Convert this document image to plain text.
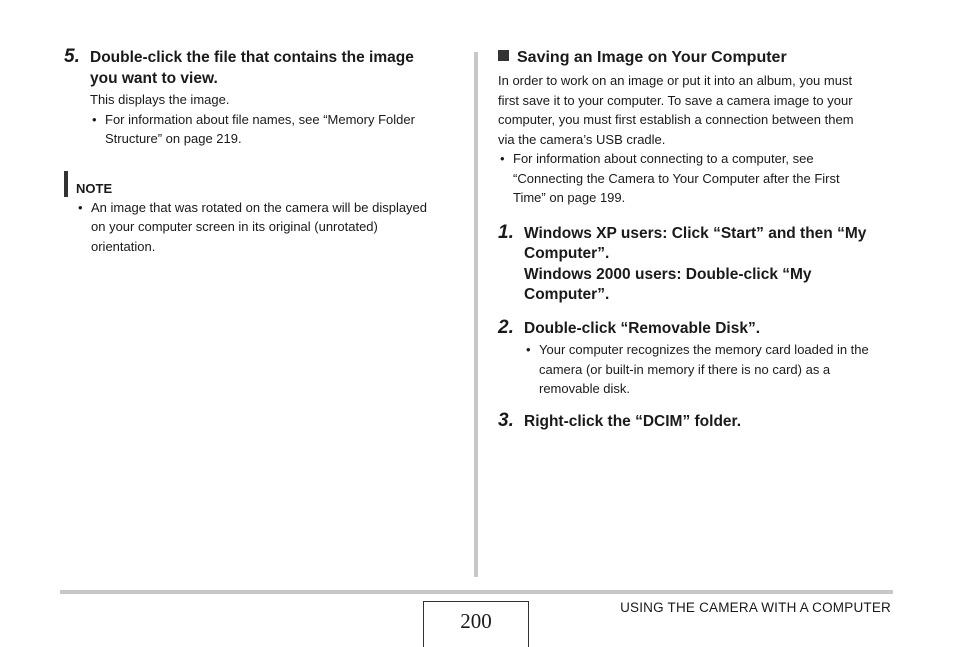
5. Double-click the file that contains the image
you want to view.
This displays the image.
• For information about file names, see “Memory Folder
Structure” on page 219.
NOTE
• An image that was rotated on the camera will be displayed
on your computer screen in its original (unrotated)
orientation.
Saving an Image on Your Computer
In order to work on an image or put it into an album, you must
first save it to your computer. To save a camera image to your
computer, you must first establish a connection between them
via the camera’s USB cradle.
• For information about connecting to a computer, see
“Connecting the Camera to Your Computer after the First
Time” on page 199.
1. Windows XP users: Click “Start” and then “My
Computer”.
Windows 2000 users: Double-click “My
Computer”.
2. Double-click “Removable Disk”.
• Your computer recognizes the memory card loaded in the
camera (or built-in memory if there is no card) as a
removable disk.
3. Right-click the “DCIM” folder.
200
USING THE CAMERA WITH A COMPUTER
